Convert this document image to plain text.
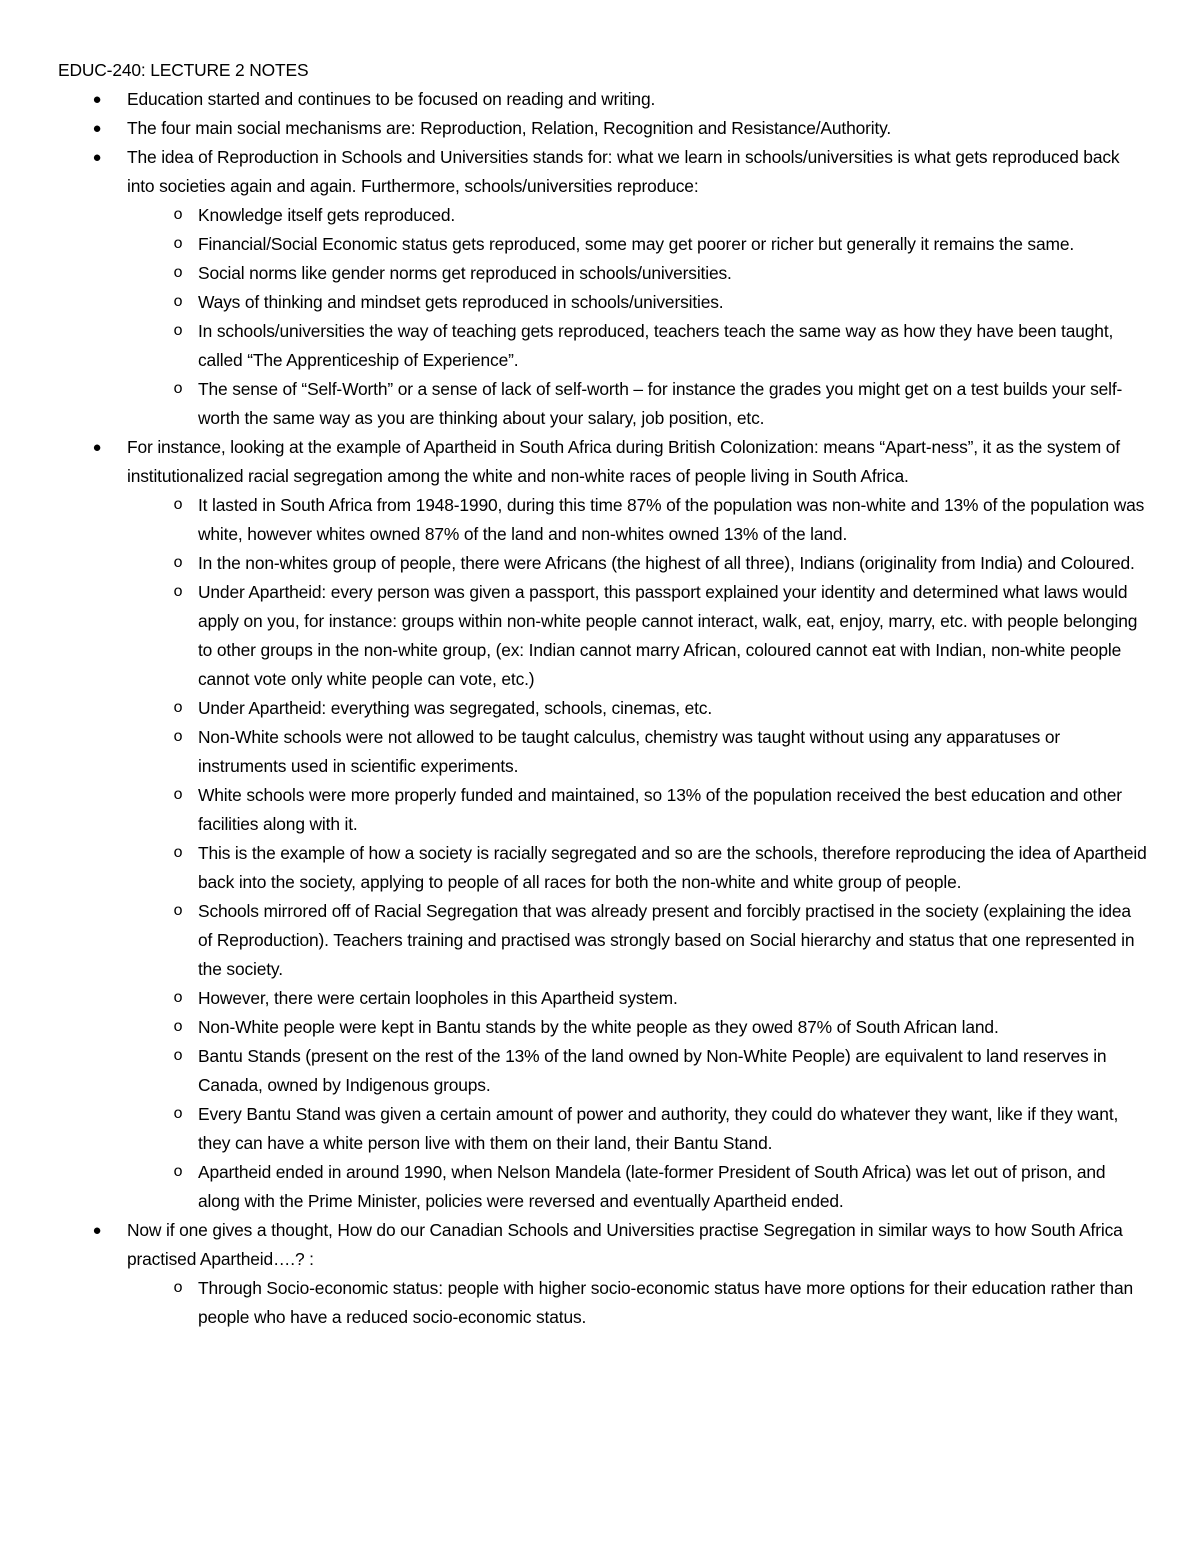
EDUC-240: LECTURE 2 NOTES
● Education started and continues to be focused on reading and writing.
● The four main social mechanisms are: Reproduction, Relation, Recognition and Resistance/Authority.
● The idea of Reproduction in Schools and Universities stands for: what we learn in schools/universities is what gets reproduced back into societies again and again. Furthermore, schools/universities reproduce:
o Knowledge itself gets reproduced.
o Financial/Social Economic status gets reproduced, some may get poorer or richer but generally it remains the same.
o Social norms like gender norms get reproduced in schools/universities.
o Ways of thinking and mindset gets reproduced in schools/universities.
o In schools/universities the way of teaching gets reproduced, teachers teach the same way as how they have been taught, called “The Apprenticeship of Experience”.
o The sense of “Self-Worth” or a sense of lack of self-worth – for instance the grades you might get on a test builds your self-worth the same way as you are thinking about your salary, job position, etc.
● For instance, looking at the example of Apartheid in South Africa during British Colonization: means “Apart-ness”, it as the system of institutionalized racial segregation among the white and non-white races of people living in South Africa.
o It lasted in South Africa from 1948-1990, during this time 87% of the population was non-white and 13% of the population was white, however whites owned 87% of the land and non-whites owned 13% of the land.
o In the non-whites group of people, there were Africans (the highest of all three), Indians (originality from India) and Coloured.
o Under Apartheid: every person was given a passport, this passport explained your identity and determined what laws would apply on you, for instance: groups within non-white people cannot interact, walk, eat, enjoy, marry, etc. with people belonging to other groups in the non-white group, (ex: Indian cannot marry African, coloured cannot eat with Indian, non-white people cannot vote only white people can vote, etc.)
o Under Apartheid: everything was segregated, schools, cinemas, etc.
o Non-White schools were not allowed to be taught calculus, chemistry was taught without using any apparatuses or instruments used in scientific experiments.
o White schools were more properly funded and maintained, so 13% of the population received the best education and other facilities along with it.
o This is the example of how a society is racially segregated and so are the schools, therefore reproducing the idea of Apartheid back into the society, applying to people of all races for both the non-white and white group of people.
o Schools mirrored off of Racial Segregation that was already present and forcibly practised in the society (explaining the idea of Reproduction). Teachers training and practised was strongly based on Social hierarchy and status that one represented in the society.
o However, there were certain loopholes in this Apartheid system.
o Non-White people were kept in Bantu stands by the white people as they owed 87% of South African land.
o Bantu Stands (present on the rest of the 13% of the land owned by Non-White People) are equivalent to land reserves in Canada, owned by Indigenous groups.
o Every Bantu Stand was given a certain amount of power and authority, they could do whatever they want, like if they want, they can have a white person live with them on their land, their Bantu Stand.
o Apartheid ended in around 1990, when Nelson Mandela (late-former President of South Africa) was let out of prison, and along with the Prime Minister, policies were reversed and eventually Apartheid ended.
● Now if one gives a thought, How do our Canadian Schools and Universities practise Segregation in similar ways to how South Africa practised Apartheid….? :
o Through Socio-economic status: people with higher socio-economic status have more options for their education rather than people who have a reduced socio-economic status.
